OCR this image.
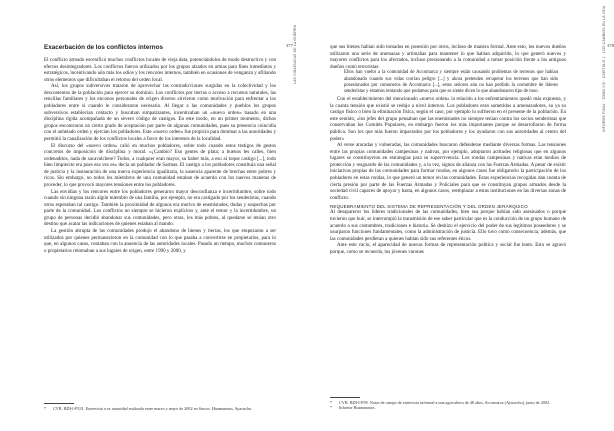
377 LAS VIOLENCIAS DE LA GUERRA
Exacerbación de los conflictos internos

El conflicto armado escenificó muchos conflictos locales de vieja data, potenciándolos de modo destructivo y con efectos desintegradores. Los conflictos fueron utilizados por los grupos alzados en armas para fines inmediatos y estratégicos, incentivando aún más los odios y los rencores internos, también en ocasiones de venganza y afiliando otros elementos que dificultaban el retorno del orden local.

Así, los grupos subversivos trataron de aprovechar las contradicciones surgidas en la colectividad y los descontentos de la población para ejercer su dominio. Los conflictos por tierras o acceso a recursos naturales, las rencillas familiares y los enconos personales de origen diverso sirvieron como motivación para enfrentar a los pobladores entre sí cuando le consideraron necesario. Al llegar a las comunidades y pueblos los grupos subversivos establecían contacto y buscaban simpatizantes, incentivaban un «nuevo orden» basado en una disciplina rígida acompañada de un severo código de castigos. En este modo, en un primer momento, dichos grupos encontraron un cierto grado de aceptación por parte de algunas comunidades, pues su presencia coincidía con el anhelado orden y ejercían los pobladores. Este «nuevo orden» fue propicio para dominar a las autoridades y permitió la canalización de los conflictos locales a favor de los intereses de la localidad.

El discurso del «nuevo orden» calió en muchos pobladores, sobre todo cuando estos testigos de gestos concretos de imposición de disciplina y moral. «¿Cambio? Eso gentes de plata; a buenos les calles, bien ordenaditos, nada de sacavalchere? Todos, a cualquier eran mayor, su haber más, a eso al toque castigo [...], todo bien limpiecito era pues esa vez es» decía un poblador de Sarmas. El castigo a los pobladores constituía una señal de justicia y la instauración de una nueva experiencia igualitaria, la ausencia aparente de brechas entre pobres y ricos. Sin embargo, no todos los miembros de una comunidad estaban de acuerdo con los nuevos maneras de proceder, lo que provocó mayores tensiones entre los pobladores.

Las envidias y los rencores entre los pobladores generaron mayor desconfianza e incertidumbre, sobre todo cuando sin ninguna razón algún miembro de una familia, por ejemplo, no era castigado por los senderistas, cuando otros esperaban tal castigo. También la proximidad de algunos era motivo de enemistades, dudas y sospechas por parte de la comunidad. Los conflictos no siempre se hicieron explícitos y, ante el temor y la incertidumbre, un grupo de personas decidió abandonar sus comunidades, pero otras, los más pobres, al quedarse se tenían otro destino que acatar las indicaciones de quienes estaban al mando.

La gestión abrupta de las comunidades produjo el abandono de bienes y tierras, los que empezaron a ser utilizados por quienes permanecieron en la comunidad con lo que pasaba a convertirse en propietarios, para lo que, en algunos casos, contaban con la anuencia de las autoridades locales. Pasado un tiempo, muchos comuneros o propietarios retomaban a sus lugares de origen, entre 1990 y 2000, y

* CVR. BDI-I-P331. Entrevista a ex autoridad realizada entre marzo y mayo de 2002 en Sarcos. Huamanatos, Ayacucho.
378
INFORME FINAL · TOMO VIII · CAPÍTULO 1 · LOS CAMBIOS EN LA VIDA

que sus bienes habían sido tomados en posesión por otros, incluso de manera formal. Ante esto, los nuevos dueños utilizaron una serie de amenazas y artimañas para mantener lo que habían adquirido, lo que generó nuevos y mayores conflictos para los afectados, incluso presionando a la comunidad a tomar posición frente a los antiguos dueños como terroristas:

Ellos han vuelto a la comunidad de Accomarca y siempre están causando problemas de terrenos que habían abandonado cuando sus vidas corrían peligro [...] y ahora pretenden recuperar los terrenos que han sido posesionados por comuneros de Accomarca [...], estos señores aún no han perdido la costumbre de líderes senderistas y estamos tentando que podamos para que se siente dicen lo que abandonaron tipo de moo.

Con el establecimiento del mencionado «nuevo orden» la relación a los enfrentamientos quedó más expuesta, y la cuanta tensión que existió se redujo a nivel internos. Los pobladores eran sometidos a amenazadores, su ya su castigo físico o bien la eliminación física, según el caso, por ejemplo lo sufrieron en el presente de la población. En este sentido, «los jefes del grupo pensaban que las enemistades no siempre tenían contra los socios senderistas que conservaban los Comités Populares, en embargo fueron los más importantes porque se desarrollaron de forma pública. Son los que más fueron impactados por los pobladores y los ayudaron con sus autoridades al centro del poder»

Al verse atacadas y vulneradas, las comunidades buscaron defenderse mediante diversas formas. Las tensiones entre las propias comunidades campesinas y nativas, por ejemplo, adoptaron actitudes religiosas que en algunos lugares se constituyeron en estrategias para su supervivencia. Los rondas campesinas y nativas eran medios de protección y resguardo de las comunidades y, a la vez, signos de alianza con las Fuerzas Armadas. A pesar de existir iniciativas propias de las comunidades para formar rondas, en algunos casos fue obligatorio la participación de los pobladores en estas rondas, lo que generó un temor en las comunidades. Estas experiencias recogidas dan cuenta de cierta presión por parte de las Fuerzas Armadas y Policiales para que se constituyan grupos armados desde la sociedad civil capaces de apoyar y hasta, en algunos casos, reemplazar a estas instituciones en las diversas zonas de conflicto.

REQUEBRAMIENTO DEL SISTEMA DE REPRESENTACIÓN Y DEL ORDEN JERÁRQUICO

Al desaparecer los líderes tradicionales de las comunidades, bien sea porque habían sido asesinados o porque tuvieron que huir, se interrumpió la transmisión de ese saber particular que es la conducción de un grupo humano de acuerdo a sus costumbres, tradiciones e historia. Se deshizo el ejercicio del poder de sus legítimos poseedores y se usurparon funciones fundamentales, como la administración de justicia. Ello tuvo como consecuencia, además, que las comunidades perdieran a quienes hablan sido sus referentes éticos.

Ante este vacío, el aparecidad de nuevas formas de representación política y social fue lento. Esto se agravó porque, como se recuerda, los jóvenes varones

* CVR. BDI-I-P58. Notas de campo de entrevista informal a una agricultora de 48 años, Accomarca (Ayacucho), junio de 2002.
* Informe Huamanatos.
